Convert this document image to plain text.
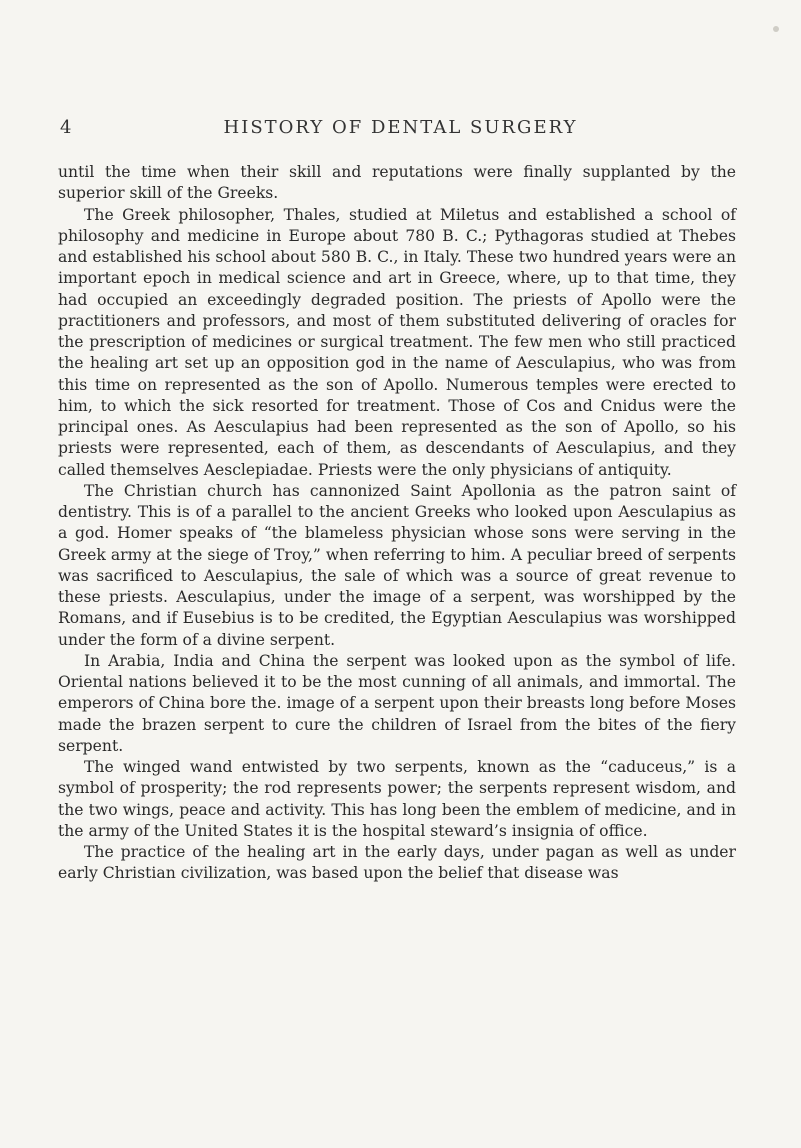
4	HISTORY OF DENTAL SURGERY

until the time when their skill and reputations were finally supplanted by the superior skill of the Greeks.

The Greek philosopher, Thales, studied at Miletus and established a school of philosophy and medicine in Europe about 780 B. C.; Pythagoras studied at Thebes and established his school about 580 B. C., in Italy. These two hundred years were an important epoch in medical science and art in Greece, where, up to that time, they had occupied an exceedingly degraded position. The priests of Apollo were the practitioners and professors, and most of them substituted delivering of oracles for the prescription of medicines or surgical treatment. The few men who still practiced the healing art set up an opposition god in the name of Aesculapius, who was from this time on represented as the son of Apollo. Numerous temples were erected to him, to which the sick resorted for treatment. Those of Cos and Cnidus were the principal ones. As Aesculapius had been represented as the son of Apollo, so his priests were represented, each of them, as descendants of Aesculapius, and they called themselves Aesclepiadae. Priests were the only physicians of antiquity.

The Christian church has cannonized Saint Apollonia as the patron saint of dentistry. This is of a parallel to the ancient Greeks who looked upon Aesculapius as a god. Homer speaks of “the blameless physician whose sons were serving in the Greek army at the siege of Troy,” when referring to him. A peculiar breed of serpents was sacrificed to Aesculapius, the sale of which was a source of great revenue to these priests. Aesculapius, under the image of a serpent, was worshipped by the Romans, and if Eusebius is to be credited, the Egyptian Aesculapius was worshipped under the form of a divine serpent.

In Arabia, India and China the serpent was looked upon as the symbol of life. Oriental nations believed it to be the most cunning of all animals, and immortal. The emperors of China bore the. image of a serpent upon their breasts long before Moses made the brazen serpent to cure the children of Israel from the bites of the fiery serpent.

The winged wand entwisted by two serpents, known as the “caduceus,” is a symbol of prosperity; the rod represents power; the serpents represent wisdom, and the two wings, peace and activity. This has long been the emblem of medicine, and in the army of the United States it is the hospital steward’s insignia of office.

The practice of the healing art in the early days, under pagan as well as under early Christian civilization, was based upon the belief that disease was
